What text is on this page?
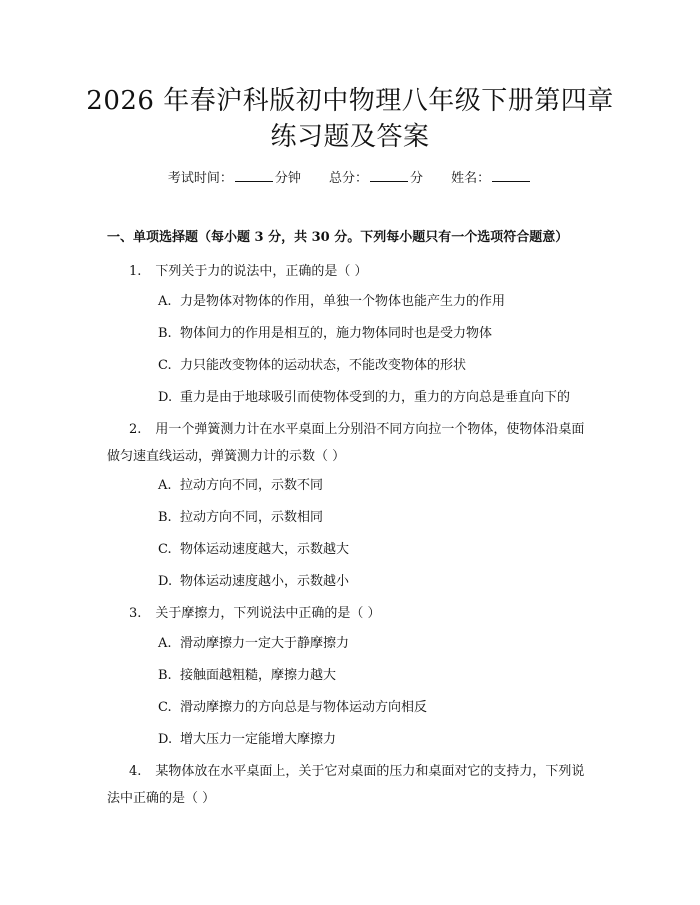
2026 年春沪科版初中物理八年级下册第四章
练习题及答案
考试时间：	分钟 总分：	分 姓名：
一、单项选择题（每小题 3 分，共 30 分。下列每小题只有一个选项符合题意）
1. 下列关于力的说法中，正确的是（ ）
A. 力是物体对物体的作用，单独一个物体也能产生力的作用
B. 物体间力的作用是相互的，施力物体同时也是受力物体
C. 力只能改变物体的运动状态，不能改变物体的形状
D. 重力是由于地球吸引而使物体受到的力，重力的方向总是垂直向下的
2. 用一个弹簧测力计在水平桌面上分别沿不同方向拉一个物体，使物体沿桌面做匀速直线运动，弹簧测力计的示数（ ）
A. 拉动方向不同，示数不同
B. 拉动方向不同，示数相同
C. 物体运动速度越大，示数越大
D. 物体运动速度越小，示数越小
3. 关于摩擦力，下列说法中正确的是（ ）
A. 滑动摩擦力一定大于静摩擦力
B. 接触面越粗糙，摩擦力越大
C. 滑动摩擦力的方向总是与物体运动方向相反
D. 增大压力一定能增大摩擦力
4. 某物体放在水平桌面上，关于它对桌面的压力和桌面对它的支持力，下列说法中正确的是（ ）
